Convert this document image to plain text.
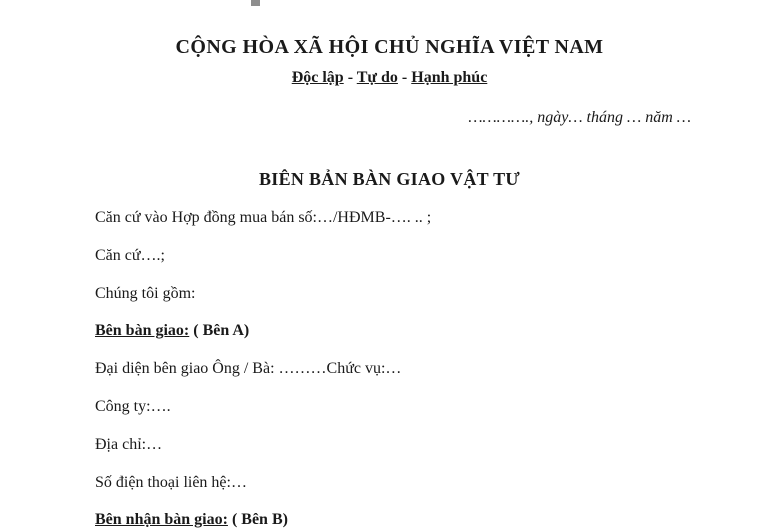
CỘNG HÒA XÃ HỘI CHỦ NGHĨA VIỆT NAM
Độc lập - Tự do - Hạnh phúc
…………., ngày… tháng … năm …
BIÊN BẢN BÀN GIAO VẬT TƯ

Căn cứ vào Hợp đồng mua bán số:…/HĐMB-…. .. ;

Căn cứ….;

Chúng tôi gồm:

Bên bàn giao: ( Bên A)

Đại diện bên giao Ông / Bà: ………Chức vụ:…

Công ty:….

Địa chỉ:…

Số điện thoại liên hệ:…

Bên nhận bàn giao: ( Bên B)
